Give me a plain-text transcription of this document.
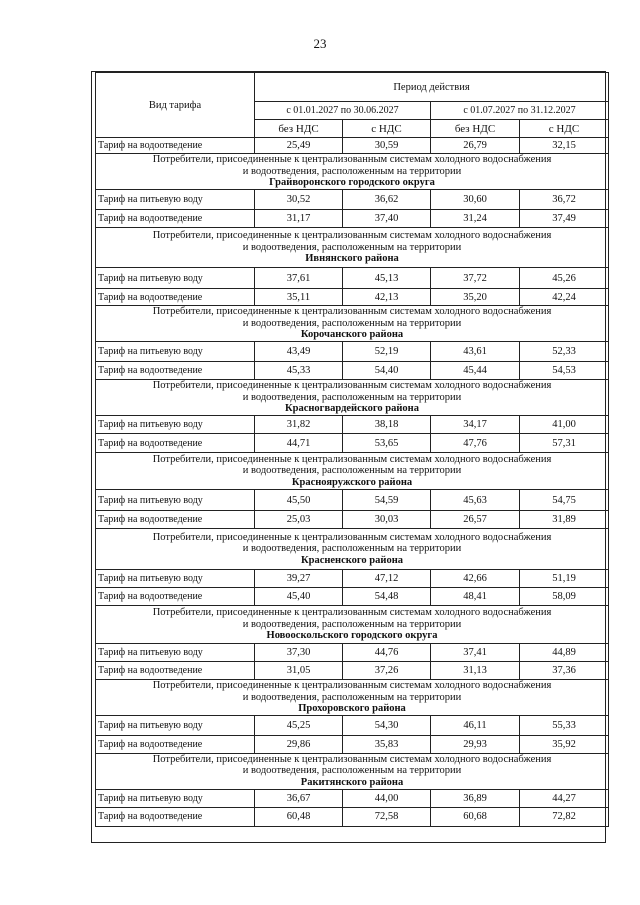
23
Вид тарифа	Период действия			
	с 01.01.2027 по 30.06.2027		с 01.07.2027 по 31.12.2027	
	без НДС	с НДС	без НДС	с НДС
Тариф на водоотведение	25,49	30,59	26,79	32,15

Потребители, присоединенные к централизованным системам холодного водоснабжения
и водоотведения, расположенным на территории
Грайворонского городского округа				

Тариф на питьевую воду	30,52	36,62	30,60	36,72
Тариф на водоотведение	31,17	37,40	31,24	37,49

Потребители, присоединенные к централизованным системам холодного водоснабжения
и водоотведения, расположенным на территории
Ивнянского района				

Тариф на питьевую воду	37,61	45,13	37,72	45,26
Тариф на водоотведение	35,11	42,13	35,20	42,24

Потребители, присоединенные к централизованным системам холодного водоснабжения
и водоотведения, расположенным на территории
Корочанского района				

Тариф на питьевую воду	43,49	52,19	43,61	52,33
Тариф на водоотведение	45,33	54,40	45,44	54,53

Потребители, присоединенные к централизованным системам холодного водоснабжения
и водоотведения, расположенным на территории
Красногвардейского района				

Тариф на питьевую воду	31,82	38,18	34,17	41,00
Тариф на водоотведение	44,71	53,65	47,76	57,31

Потребители, присоединенные к централизованным системам холодного водоснабжения
и водоотведения, расположенным на территории
Краснояружского района				

Тариф на питьевую воду	45,50	54,59	45,63	54,75
Тариф на водоотведение	25,03	30,03	26,57	31,89

Потребители, присоединенные к централизованным системам холодного водоснабжения
и водоотведения, расположенным на территории
Красненского района				

Тариф на питьевую воду	39,27	47,12	42,66	51,19
Тариф на водоотведение	45,40	54,48	48,41	58,09

Потребители, присоединенные к централизованным системам холодного водоснабжения
и водоотведения, расположенным на территории
Новооскольского городского округа				

Тариф на питьевую воду	37,30	44,76	37,41	44,89
Тариф на водоотведение	31,05	37,26	31,13	37,36

Потребители, присоединенные к централизованным системам холодного водоснабжения
и водоотведения, расположенным на территории
Прохоровского района				

Тариф на питьевую воду	45,25	54,30	46,11	55,33
Тариф на водоотведение	29,86	35,83	29,93	35,92

Потребители, присоединенные к централизованным системам холодного водоснабжения
и водоотведения, расположенным на территории
Ракитянского района				

Тариф на питьевую воду	36,67	44,00	36,89	44,27
Тариф на водоотведение	60,48	72,58	60,68	72,82
